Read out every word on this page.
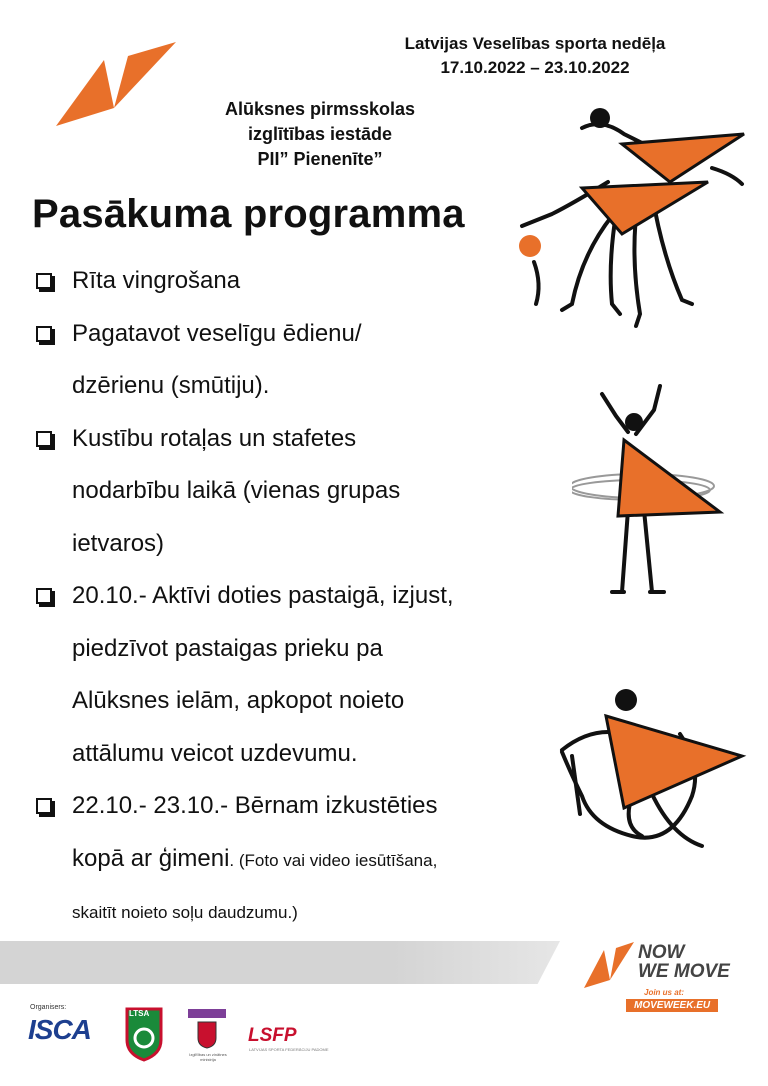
Latvijas Veselības sporta nedēļa
17.10.2022 – 23.10.2022
Alūksnes pirmsskolas
izglītības iestāde
PII” Pienenīte”
Pasākuma programma
Rīta vingrošana
Pagatavot veselīgu ēdienu/
dzērienu (smūtiju).
Kustību rotaļas un stafetes
nodarbību laikā (vienas grupas
ietvaros)
20.10.- Aktīvi doties pastaigā, izjust,
piedzīvot pastaigas prieku pa
Alūksnes ielām, apkopot noieto
attālumu veicot uzdevumu.
22.10.- 23.10.- Bērnam izkustēties
kopā ar ģimeni. (Foto vai video iesūtīšana,
skaitīt noieto soļu daudzumu.)
NOW
WE MOVE
Join us at:
MOVEWEEK.EU
Organisers:
ISCA
LTSA
Izglītības un zinātnes ministrija
LSFP
LATVIJAS SPORTA FEDERĀCIJU PADOME
